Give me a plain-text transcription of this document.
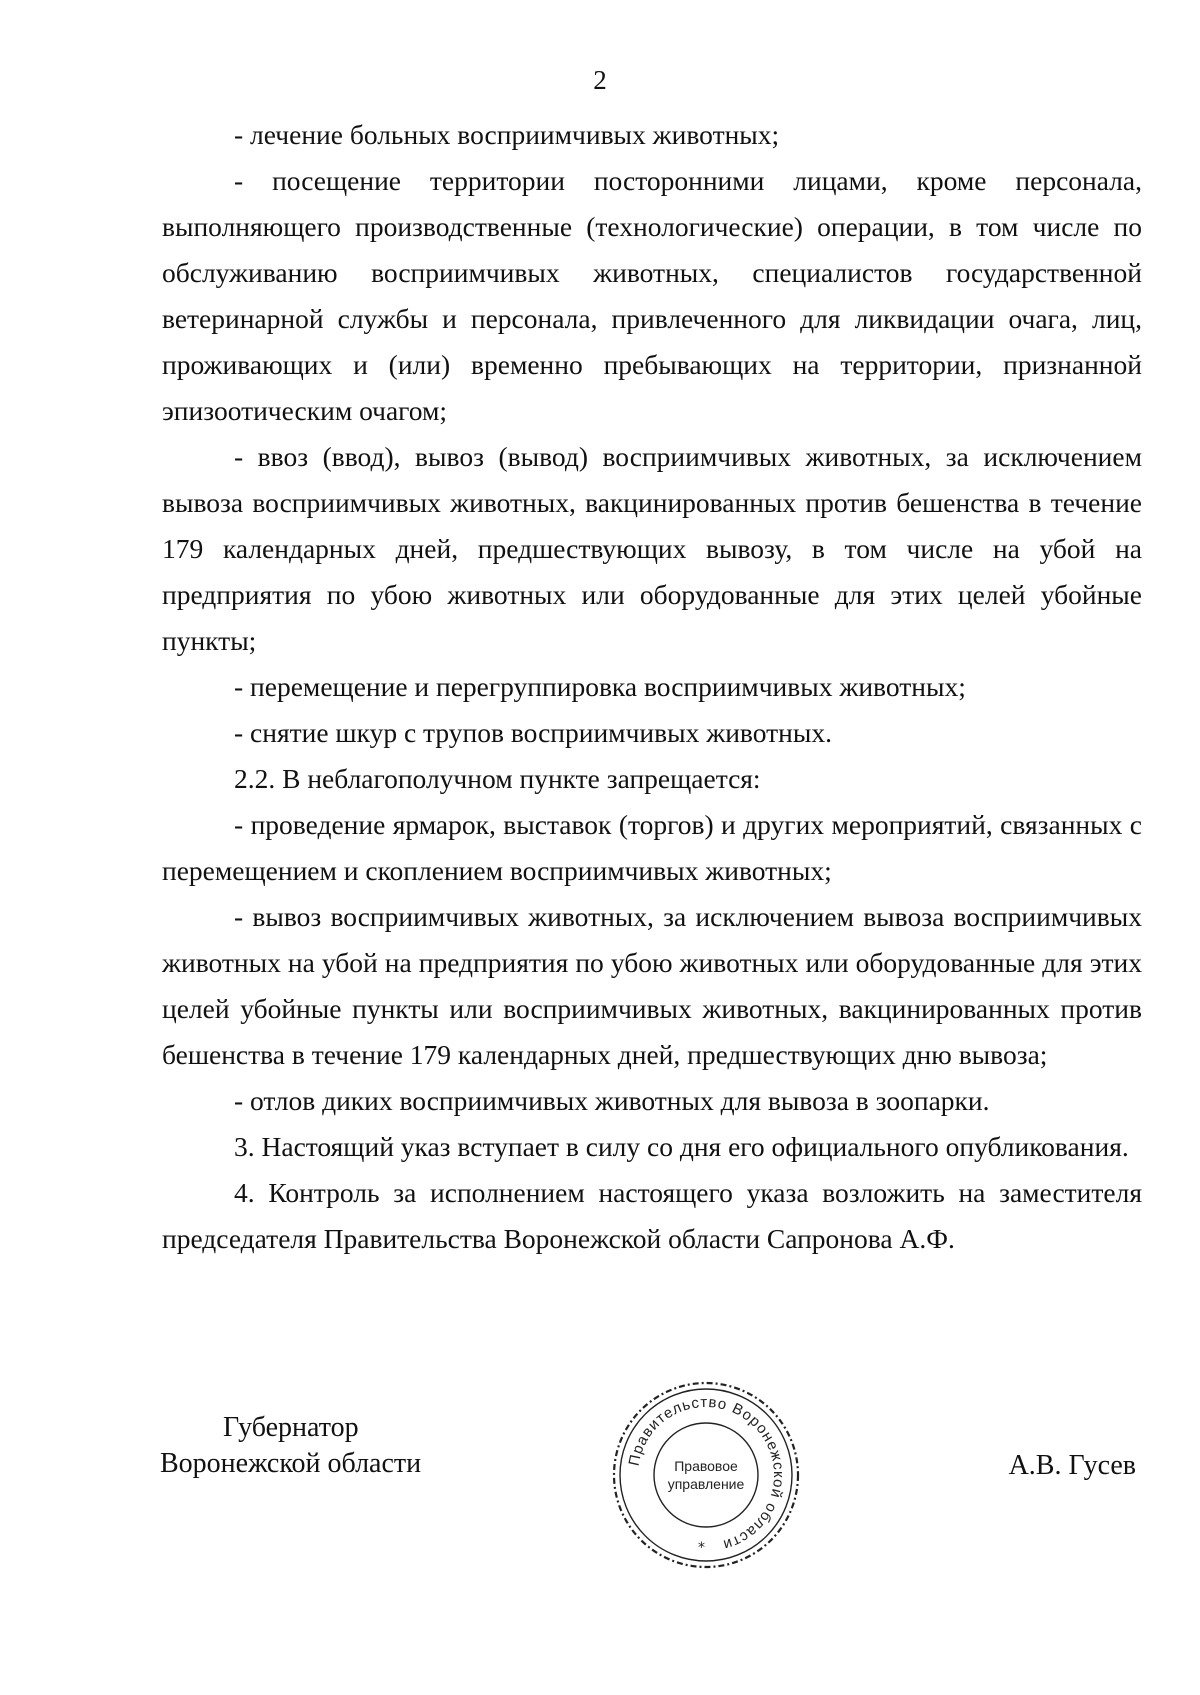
2

- лечение больных восприимчивых животных;

- посещение территории посторонними лицами, кроме персонала, выполняющего производственные (технологические) операции, в том числе по обслуживанию восприимчивых животных, специалистов государственной ветеринарной службы и персонала, привлеченного для ликвидации очага, лиц, проживающих и (или) временно пребывающих на территории, признанной эпизоотическим очагом;

- ввоз (ввод), вывоз (вывод) восприимчивых животных, за исключением вывоза восприимчивых животных, вакцинированных против бешенства в течение 179 календарных дней, предшествующих вывозу, в том числе на убой на предприятия по убою животных или оборудованные для этих целей убойные пункты;

- перемещение и перегруппировка восприимчивых животных;

- снятие шкур с трупов восприимчивых животных.

2.2. В неблагополучном пункте запрещается:

- проведение ярмарок, выставок (торгов) и других мероприятий, связанных с перемещением и скоплением восприимчивых животных;

- вывоз восприимчивых животных, за исключением вывоза восприимчивых животных на убой на предприятия по убою животных или оборудованные для этих целей убойные пункты или восприимчивых животных, вакцинированных против бешенства в течение 179 календарных дней, предшествующих дню вывоза;

- отлов диких восприимчивых животных для вывоза в зоопарки.

3. Настоящий указ вступает в силу со дня его официального опубликования.

4. Контроль за исполнением настоящего указа возложить на заместителя председателя Правительства Воронежской области Сапронова А.Ф.

Губернатор
Воронежской области	Правительство Воронежской области
Правовое
управление
*
А.В. Гусев
